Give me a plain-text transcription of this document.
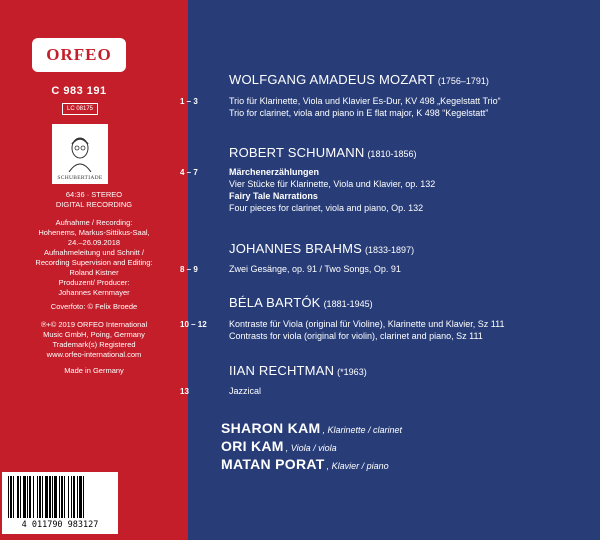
ORFEO
C 983 191
LC 08175
SCHUBERTIADE
64:36 · STEREO
DIGITAL RECORDING
Aufnahme / Recording:
Hohenems, Markus-Sittikus-Saal,
24.–26.09.2018
Aufnahmeleitung und Schnitt /
Recording Supervision and Editing:
Roland Kistner
Produzent/ Producer:
Johannes Kernmayer
Coverfoto: © Felix Broede
℗+© 2019 ORFEO International
Music GmbH, Poing, Germany
Trademark(s) Registered
www.orfeo-international.com
Made in Germany
4 011790 983127
WOLFGANG AMADEUS MOZART (1756–1791)
1 – 3	Trio für Klarinette, Viola und Klavier Es-Dur, KV 498 „Kegelstatt Trio“
Trio for clarinet, viola and piano in E flat major, K 498 “Kegelstatt”
ROBERT SCHUMANN (1810-1856)
4 – 7	Märchenerzählungen
Vier Stücke für Klarinette, Viola und Klavier, op. 132
Fairy Tale Narrations
Four pieces for clarinet, viola and piano, Op. 132
JOHANNES BRAHMS (1833-1897)
8 – 9	Zwei Gesänge, op. 91 / Two Songs, Op. 91
BÉLA BARTÓK (1881-1945)
10 – 12 Kontraste für Viola (original für Violine), Klarinette und Klavier, Sz 111
Contrasts for viola (original for violin), clarinet and piano, Sz 111
IIAN RECHTMAN (*1963)
13	Jazzical
SHARON KAM , Klarinette / clarinet
ORI KAM , Viola / viola
MATAN PORAT , Klavier / piano
